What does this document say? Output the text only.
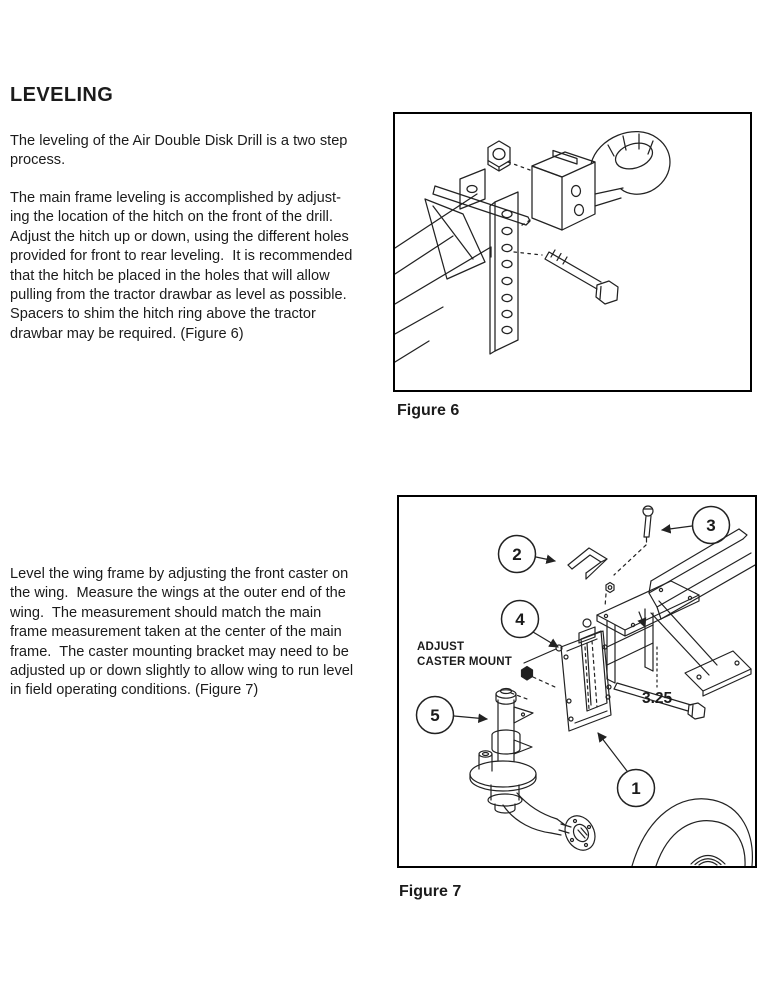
LEVELING
The leveling of the Air Double Disk Drill is a two step
process.
The main frame leveling is accomplished by adjust-
ing the location of the hitch on the front of the drill.
Adjust the hitch up or down, using the different holes
provided for front to rear leveling.  It is recommended
that the hitch be placed in the holes that will allow
pulling from the tractor drawbar as level as possible.
Spacers to shim the hitch ring above the tractor
drawbar may be required. (Figure 6)
Level the wing frame by adjusting the front caster on
the wing.  Measure the wings at the outer end of the
wing.  The measurement should match the main
frame measurement taken at the center of the main
frame.  The caster mounting bracket may need to be
adjusted up or down slightly to allow wing to run level
in field operating conditions. (Figure 7)
Figure 6
1
2
3
4
5
ADJUST
CASTER MOUNT
3.25
Figure 7
